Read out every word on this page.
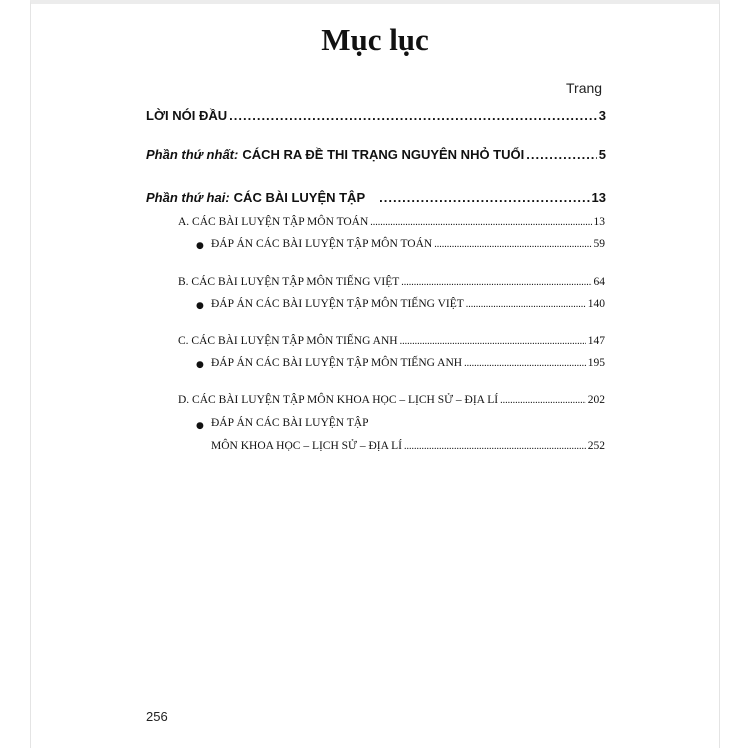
Mục lục
Trang
LỜI NÓI ĐẦU .....	3
Phần thứ nhất: CÁCH RA ĐỀ THI TRẠNG NGUYÊN NHỎ TUỔI .....	5
Phần thứ hai: CÁC BÀI LUYỆN TẬP .....	13
A. CÁC BÀI LUYỆN TẬP MÔN TOÁN .....	13
● ĐÁP ÁN CÁC BÀI LUYỆN TẬP MÔN TOÁN .....	59
B. CÁC BÀI LUYỆN TẬP MÔN TIẾNG VIỆT .....	64
● ĐÁP ÁN CÁC BÀI LUYỆN TẬP MÔN TIẾNG VIỆT .....	140
C. CÁC BÀI LUYỆN TẬP MÔN TIẾNG ANH .....	147
● ĐÁP ÁN CÁC BÀI LUYỆN TẬP MÔN TIẾNG ANH .....	195
D. CÁC BÀI LUYỆN TẬP MÔN KHOA HỌC – LỊCH SỬ – ĐỊA LÍ .....	202
● ĐÁP ÁN CÁC BÀI LUYỆN TẬP
MÔN KHOA HỌC – LỊCH SỬ – ĐỊA LÍ .....	252
256
